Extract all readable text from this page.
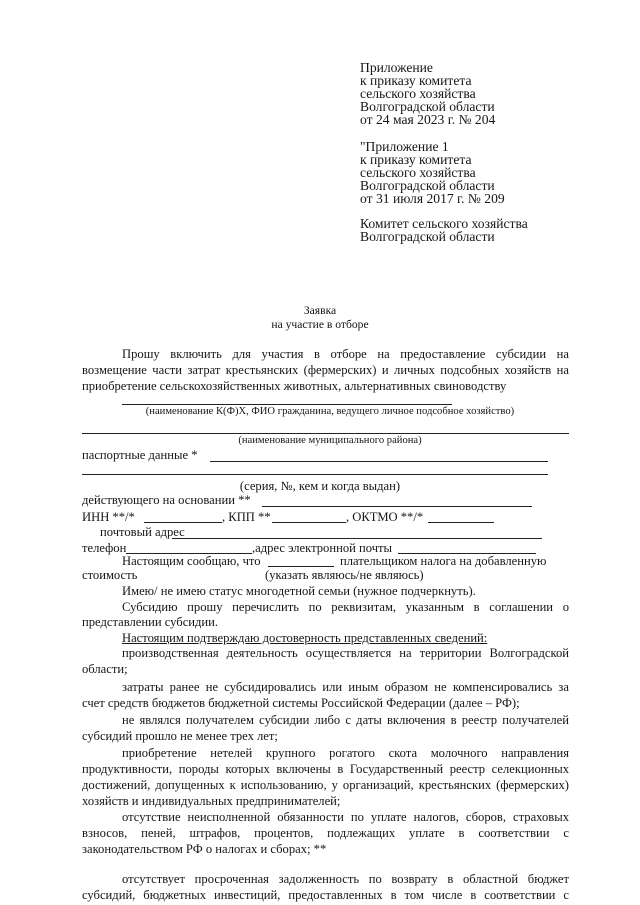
Приложение
к приказу комитета
сельского хозяйства
Волгоградской области
от 24 мая 2023 г. № 204
"Приложение 1
к приказу комитета
сельского хозяйства
Волгоградской области
от 31 июля 2017 г. № 209
Комитет сельского хозяйства
Волгоградской области
Заявка
на участие в отборе
Прошу включить для участия в отборе на предоставление субсидии на
возмещение части затрат крестьянских (фермерских) и личных подсобных хозяйств на
приобретение сельскохозяйственных животных, альтернативных свиноводству
(наименование К(Ф)Х, ФИО гражданина, ведущего личное подсобное хозяйство)
(наименование муниципального района)
паспортные данные *
(серия, №, кем и когда выдан)
действующего на основании **
ИНН **/*	, КПП **	, ОКТМО **/*
почтовый адрес
телефон	,адрес электронной почты
Настоящим сообщаю, что	плательщиком налога на добавленную
стоимость	(указать являюсь/не являюсь)
Имею/ не имею статус многодетной семьи (нужное подчеркнуть).
Субсидию прошу перечислить по реквизитам, указанным в соглашении о
представлении субсидии.
Настоящим подтверждаю достоверность представленных сведений:
производственная деятельность осуществляется на территории Волгоградской
области;
затраты ранее не субсидировались или иным образом не компенсировались за
счет средств бюджетов бюджетной системы Российской Федерации (далее – РФ);
не являлся получателем субсидии либо с даты включения в реестр получателей
субсидий прошло не менее трех лет;
приобретение нетелей крупного рогатого скота молочного направления
продуктивности, породы которых включены в Государственный реестр селекционных
достижений, допущенных к использованию, у организаций, крестьянских (фермерских)
хозяйств и индивидуальных предпринимателей;
отсутствие неисполненной обязанности по уплате налогов, сборов, страховых
взносов, пеней, штрафов, процентов, подлежащих уплате в соответствии с
законодательством РФ о налогах и сборах; **
отсутствует просроченная задолженность по возврату в областной бюджет
субсидий, бюджетных инвестиций, предоставленных в том числе в соответствии с
